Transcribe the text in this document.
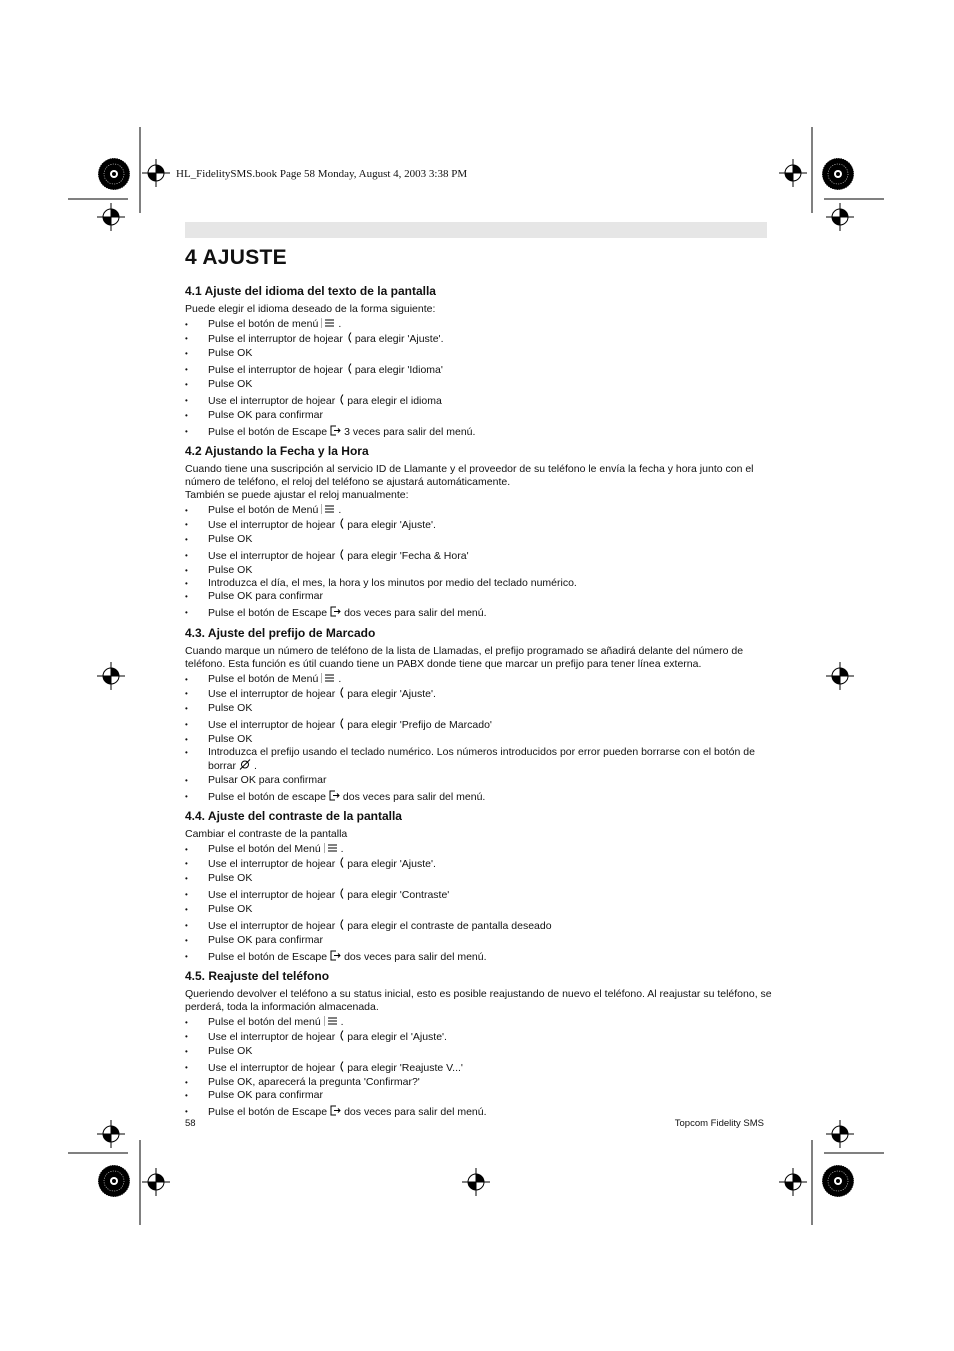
HL_FidelitySMS.book Page 58 Monday, August 4, 2003 3:38 PM
4 AJUSTE
4.1 Ajuste del idioma del texto de la pantalla
Puede elegir el idioma deseado de la forma siguiente:
• Pulse el botón de menú .
• Pulse el interruptor de hojear para elegir 'Ajuste'.
• Pulse OK
• Pulse el interruptor de hojear para elegir 'Idioma'
• Pulse OK
• Use el interruptor de hojear para elegir el idioma
• Pulse OK para confirmar
• Pulse el botón de Escape 3 veces para salir del menú.
4.2 Ajustando la Fecha y la Hora
Cuando tiene una suscripción al servicio ID de Llamante y el proveedor de su teléfono le envía la fecha y hora junto con el número de teléfono, el reloj del teléfono se ajustará automáticamente.
También se puede ajustar el reloj manualmente:
• Pulse el botón de Menú .
• Use el interruptor de hojear para elegir 'Ajuste'.
• Pulse OK
• Use el interruptor de hojear para elegir 'Fecha & Hora'
• Pulse OK
• Introduzca el día, el mes, la hora y los minutos por medio del teclado numérico.
• Pulse OK para confirmar
• Pulse el botón de Escape dos veces para salir del menú.
4.3. Ajuste del prefijo de Marcado
Cuando marque un número de teléfono de la lista de Llamadas, el prefijo programado se añadirá delante del número de teléfono. Esta función es útil cuando tiene un PABX donde tiene que marcar un prefijo para tener línea externa.
• Pulse el botón de Menú .
• Use el interruptor de hojear para elegir 'Ajuste'.
• Pulse OK
• Use el interruptor de hojear para elegir 'Prefijo de Marcado'
• Pulse OK
• Introduzca el prefijo usando el teclado numérico. Los números introducidos por error pueden borrarse con el botón de borrar .
• Pulsar OK para confirmar
• Pulse el botón de escape dos veces para salir del menú.
4.4. Ajuste del contraste de la pantalla
Cambiar el contraste de la pantalla
• Pulse el botón del Menú .
• Use el interruptor de hojear para elegir 'Ajuste'.
• Pulse OK
• Use el interruptor de hojear para elegir 'Contraste'
• Pulse OK
• Use el interruptor de hojear para elegir el contraste de pantalla deseado
• Pulse OK para confirmar
• Pulse el botón de Escape dos veces para salir del menú.
4.5. Reajuste del teléfono
Queriendo devolver el teléfono a su status inicial, esto es posible reajustando de nuevo el teléfono. Al reajustar su teléfono, se perderá, toda la información almacenada.
• Pulse el botón del menú .
• Use el interruptor de hojear para elegir el 'Ajuste'.
• Pulse OK
• Use el interruptor de hojear para elegir 'Reajuste V...'
• Pulse OK, aparecerá la pregunta 'Confirmar?'
• Pulse OK para confirmar
• Pulse el botón de Escape dos veces para salir del menú.
58	Topcom Fidelity SMS
